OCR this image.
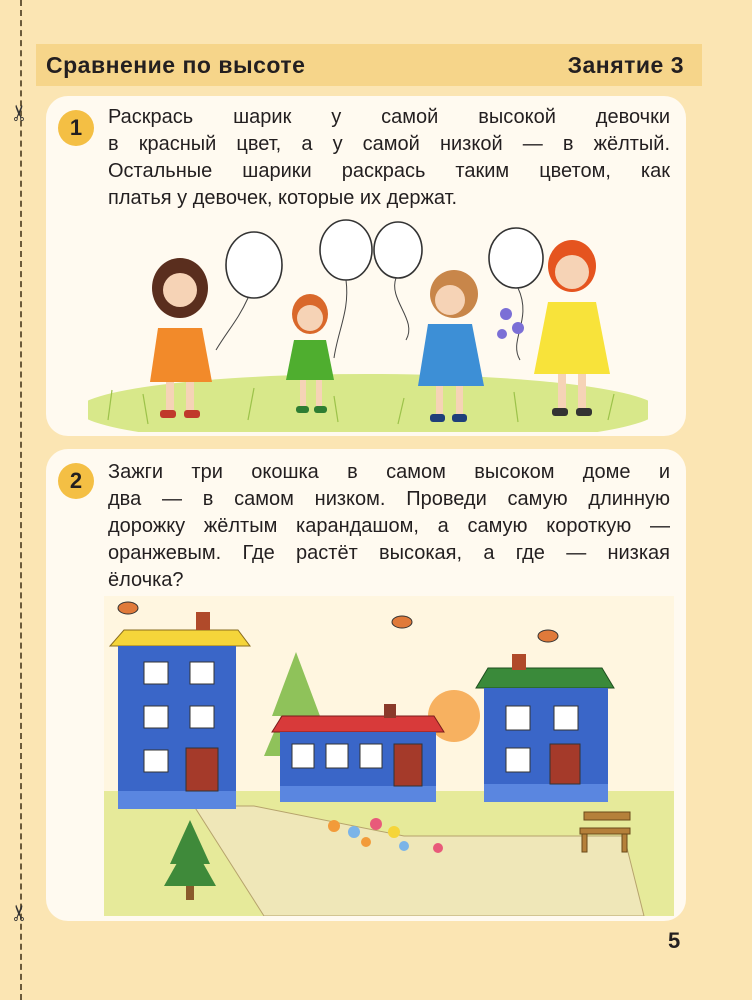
✂
✂
Сравнение по высоте	Занятие 3
1	Раскрась шарик у самой высокой девочки
в красный цвет, а у самой низкой — в жёлтый.
Остальные шарики раскрась таким цветом, как
платья у девочек, которые их держат.
2	Зажги три окошка в самом высоком доме и
два — в самом низком. Проведи самую длинную
дорожку жёлтым карандашом, а самую короткую —
оранжевым. Где растёт высокая, а где — низкая
ёлочка?
5
